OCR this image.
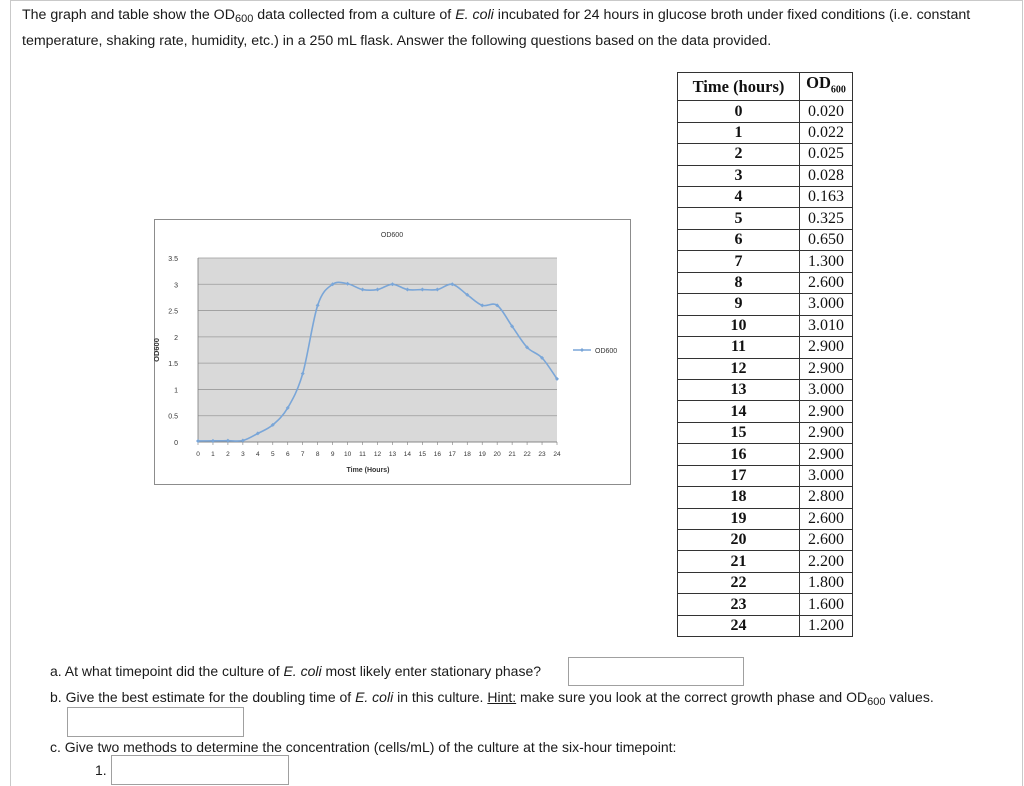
The graph and table show the $OD_{600}$ data collected from a culture of E. coli incubated for 24 hours in glucose broth under fixed conditions (i.e. constant temperature, shaking rate, humidity, etc.) in a 250 mL flask. Answer the following questions based on the data provided.
0
0.5
1
1.5
2
2.5
3
3.5
0 1 2 3 4 5 6 7 8 9 10 11 12 13 14 15 16 17 18 19 20 21 22 23 24
OD600
Time (Hours)
OD600	OD600
Time (hours)	$OD_{600}$
0	0.020
1	0.022
2	0.025
3	0.028
4	0.163
5	0.325
6	0.650
7	1.300
8	2.600
9	3.000
10	3.010
11	2.900
12	2.900
13	3.000
14	2.900
15	2.900
16	2.900
17	3.000
18	2.800
19	2.600
20	2.600
21	2.200
22	1.800
23	1.600
24	1.200
a. At what timepoint did the culture of E. coli most likely enter stationary phase?
b. Give the best estimate for the doubling time of E. coli in this culture. Hint: make sure you look at the correct growth phase and $OD_{600}$ values.
c. Give two methods to determine the concentration (cells/mL) of the culture at the six-hour timepoint:
1.
